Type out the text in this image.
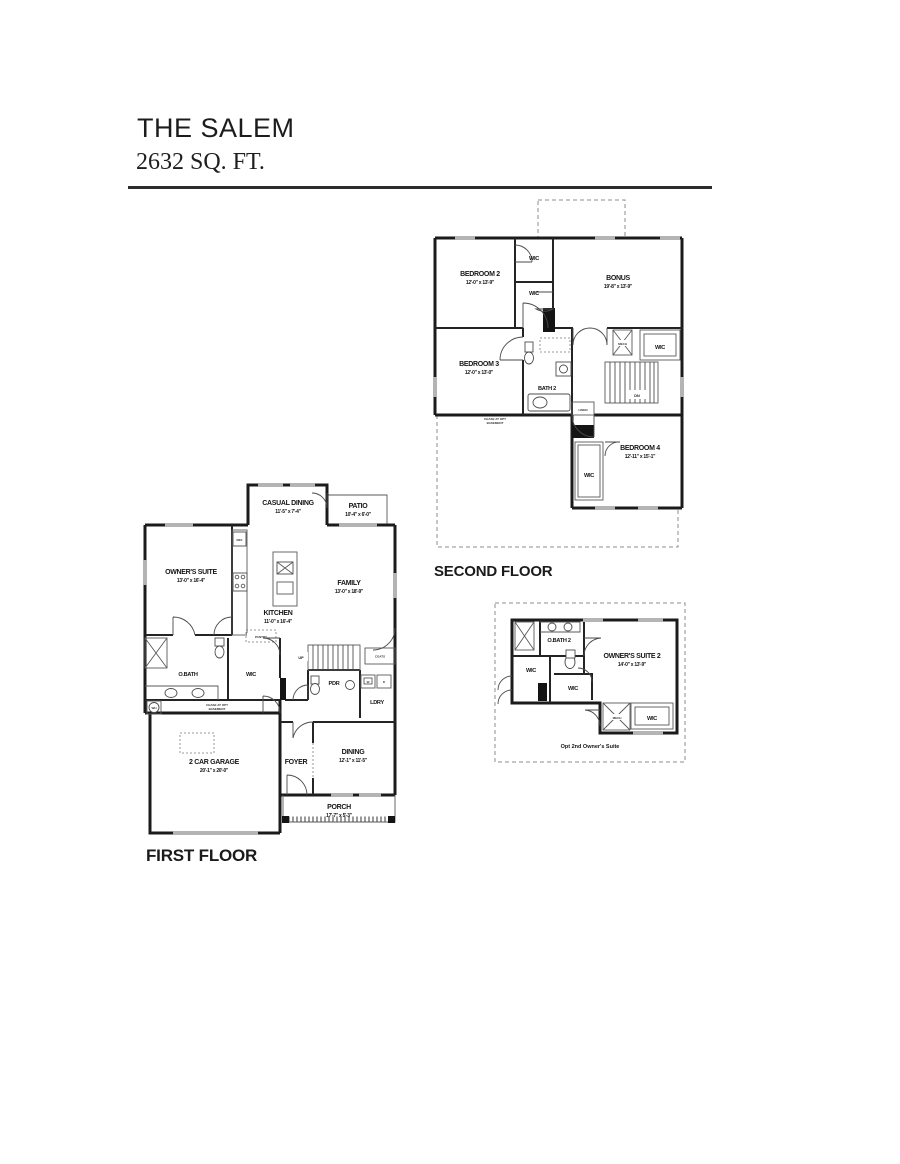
THE SALEM
2632 SQ. FT.
DN
MECH
WIC
LINEN
WIC
BEDROOM 2
12'-0" x 13'-9"
BONUS
19'-8" x 13'-9"
WIC
WIC
BEDROOM 3
12'-0" x 13'-0"
BATH 2
BEDROOM 4
12'-11" x 15'-1"
CHASE AT OPT
BASEMENT
SECOND FLOOR
REF
WH
PANTRY
UP	COATS
W	D
CASUAL DINING
11'-5" x 7'-4"
PATIO
10'-4" x 6'-0"
OWNER'S SUITE
13'-0" x 16'-4"	FAMILY
13'-0" x 18'-9"
KITCHEN
11'-0" x 16'-4"
O.BATH	WIC
CHASE AT OPT
BASEMENT
PDR
LDRY
2 CAR GARAGE
20'-1" x 20'-0"
FOYER
DINING
12'-1" x 11'-5"
PORCH
17'-7" x 5'-3"
FIRST FLOOR
MECH	WIC
O.BATH 2
OWNER'S SUITE 2
14'-0" x 13'-9"
WIC
WIC
Opt 2nd Owner's Suite
